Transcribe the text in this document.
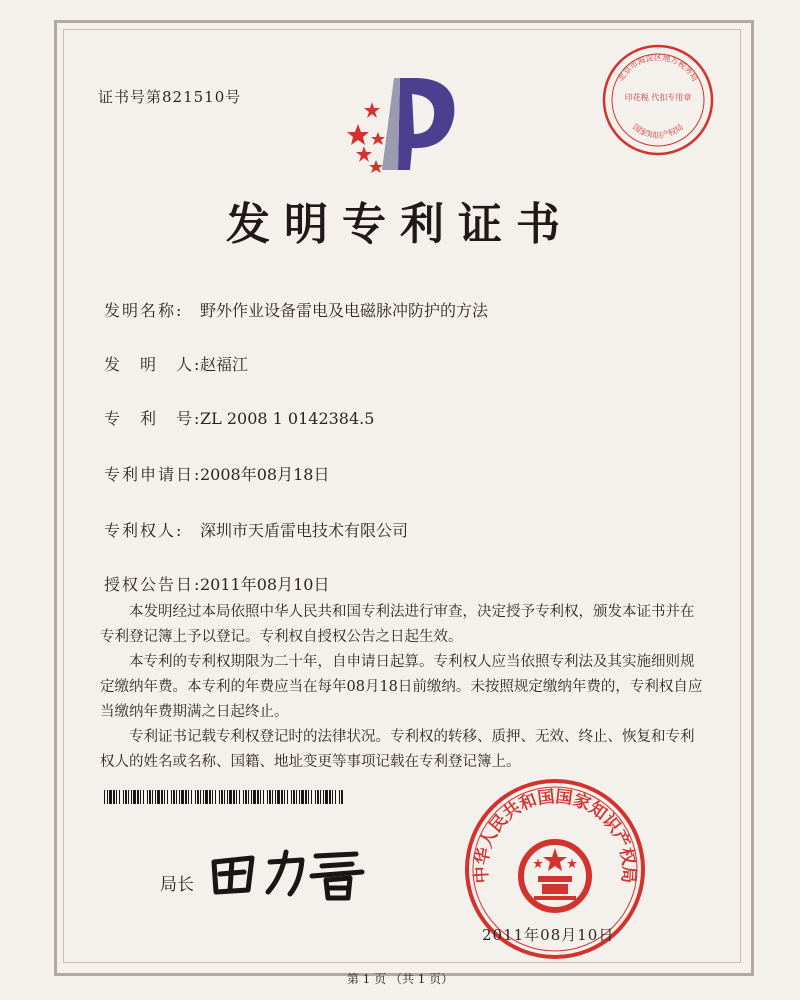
证书号第821510号
北京市海淀区地方税务局
印花税 代扣专用章
国家知识产权局
发明专利证书
发明名称: 野外作业设备雷电及电磁脉冲防护的方法
发　明　人:赵福江
专　利　号:ZL 2008 1 0142384.5
专利申请日:2008年08月18日
专利权人: 深圳市天盾雷电技术有限公司
授权公告日:2011年08月10日

本发明经过本局依照中华人民共和国专利法进行审查，决定授予专利权，颁发本证书并在专利登记簿上予以登记。专利权自授权公告之日起生效。

本专利的专利权期限为二十年，自申请日起算。专利权人应当依照专利法及其实施细则规定缴纳年费。本专利的年费应当在每年08月18日前缴纳。未按照规定缴纳年费的，专利权自应当缴纳年费期满之日起终止。

专利证书记载专利权登记时的法律状况。专利权的转移、质押、无效、终止、恢复和专利权人的姓名或名称、国籍、地址变更等事项记载在专利登记簿上。

局长
中华人民共和国国家知识产权局
2011年08月10日
第 1 页 （共 1 页）
